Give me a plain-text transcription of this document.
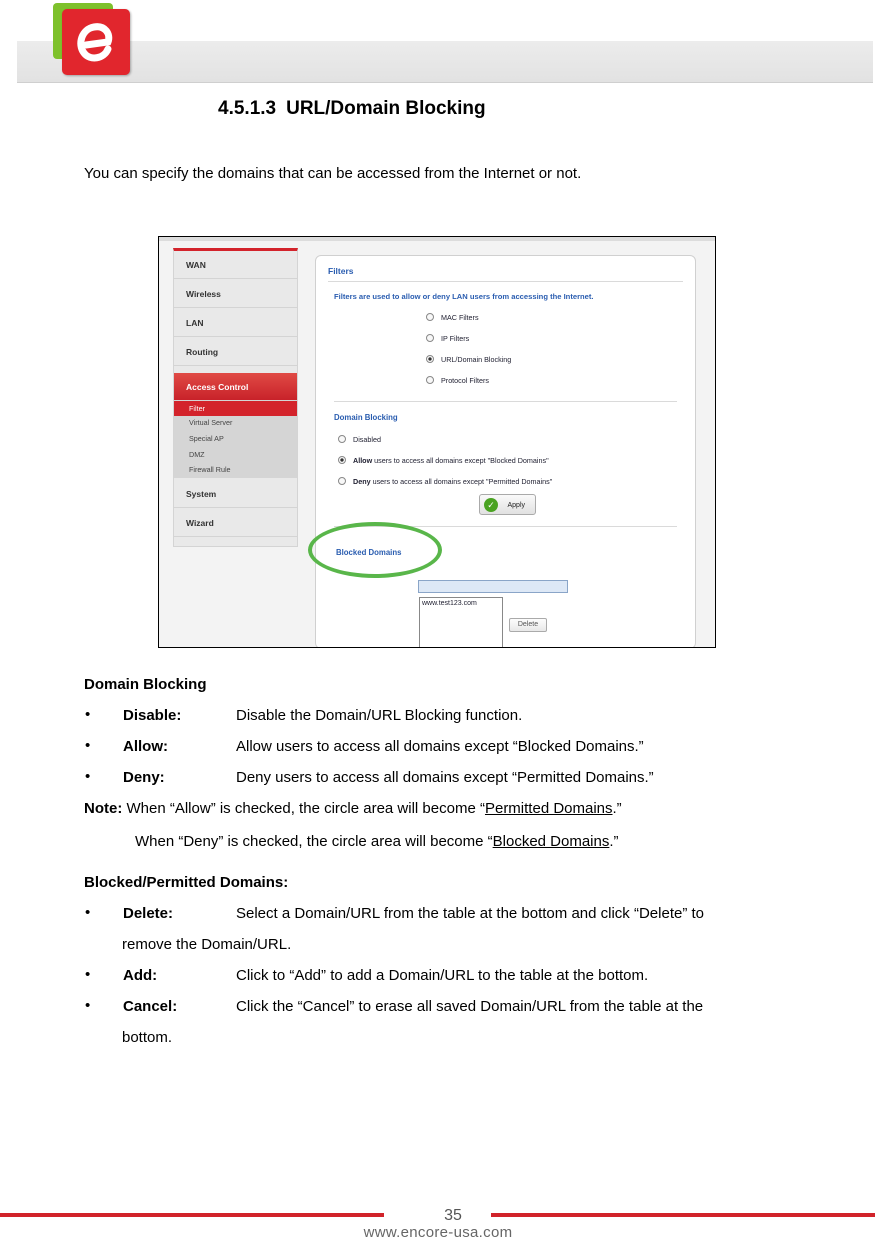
4.5.1.3 URL/Domain Blocking
You can specify the domains that can be accessed from the Internet or not.
WAN
Wireless
LAN
Routing
Access Control
Filter
Virtual Server
Special AP
DMZ
Firewall Rule
System
Wizard
Filters
Filters are used to allow or deny LAN users from accessing the Internet.
MAC Filters
IP Filters
URL/Domain Blocking
Protocol Filters
Domain Blocking
Disabled
Allow users to access all domains except "Blocked Domains"
Deny users to access all domains except "Permitted Domains"
✓	Apply
Blocked Domains
www.test123.com
Delete
Domain Blocking
• Disable:	Disable the Domain/URL Blocking function.
• Allow:	Allow users to access all domains except “Blocked Domains.”
• Deny:	Deny users to access all domains except “Permitted Domains.”
Note: When “Allow” is checked, the circle area will become “Permitted Domains.”
When “Deny” is checked, the circle area will become “Blocked Domains.”
Blocked/Permitted Domains:
• Delete:	Select a Domain/URL from the table at the bottom and click “Delete” to
remove the Domain/URL.
• Add:	Click to “Add” to add a Domain/URL to the table at the bottom.
• Cancel:	Click the “Cancel” to erase all saved Domain/URL from the table at the
bottom.
35
www.encore-usa.com
